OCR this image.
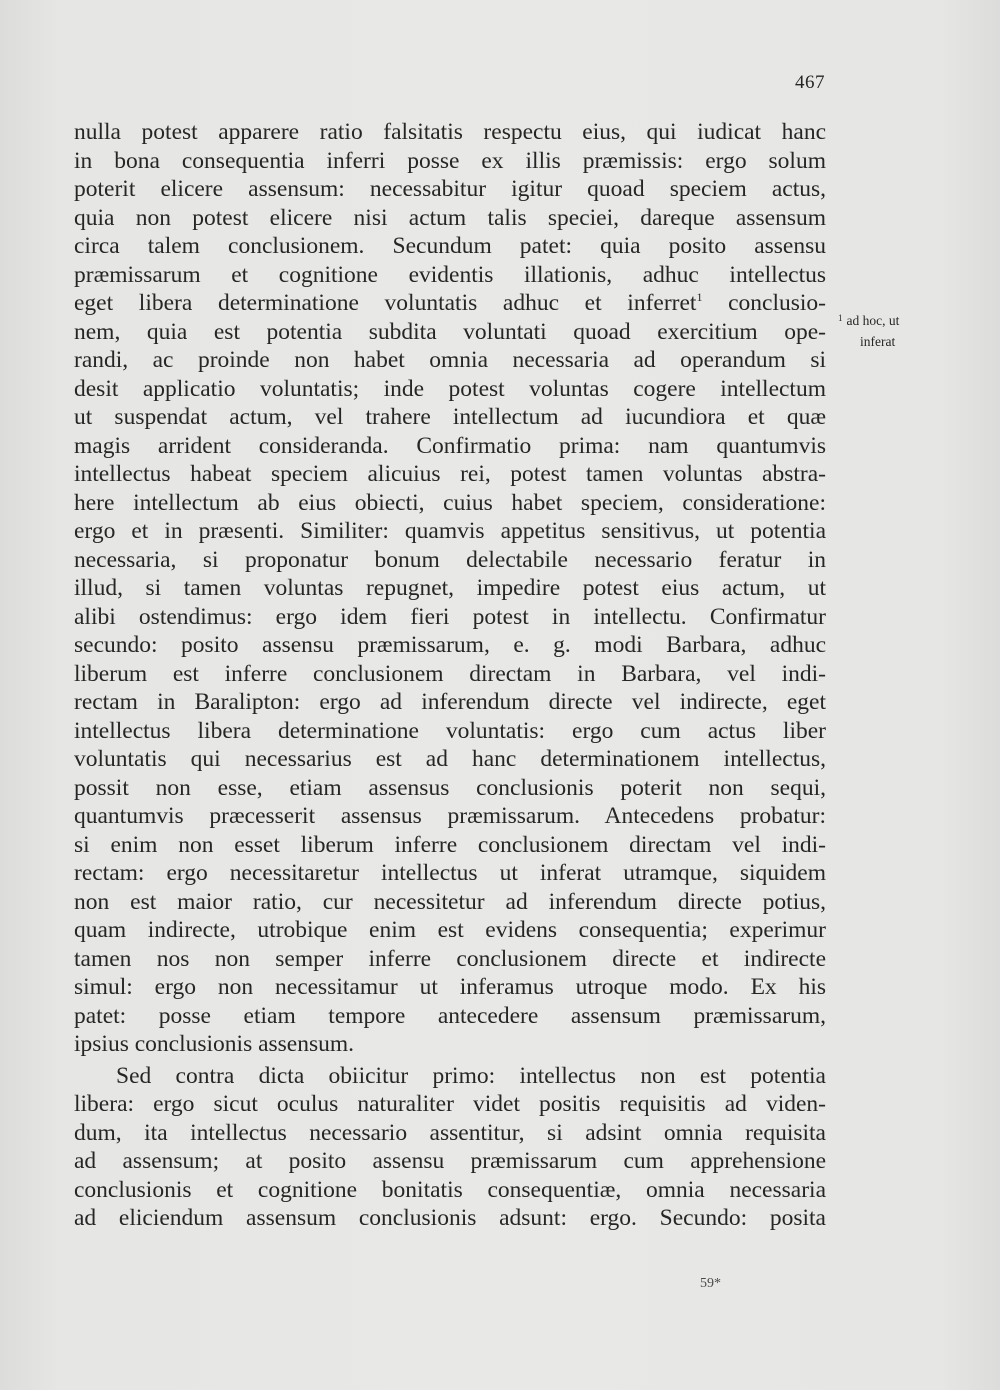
467
nulla potest apparere ratio falsitatis respectu eius, qui iudicat hanc
in bona consequentia inferri posse ex illis præmissis: ergo solum
poterit elicere assensum: necessabitur igitur quoad speciem actus,
quia non potest elicere nisi actum talis speciei, dareque assensum
circa talem conclusionem. Secundum patet: quia posito assensu
præmissarum et cognitione evidentis illationis, adhuc intellectus
eget libera determinatione voluntatis adhuc et inferret$^1$ conclusio-
nem, quia est potentia subdita voluntati quoad exercitium ope-
randi, ac proinde non habet omnia necessaria ad operandum si
desit applicatio voluntatis; inde potest voluntas cogere intellectum
ut suspendat actum, vel trahere intellectum ad iucundiora et quæ
magis arrident consideranda. Confirmatio prima: nam quantumvis
intellectus habeat speciem alicuius rei, potest tamen voluntas abstra-
here intellectum ab eius obiecti, cuius habet speciem, consideratione:
ergo et in præsenti. Similiter: quamvis appetitus sensitivus, ut potentia
necessaria, si proponatur bonum delectabile necessario feratur in
illud, si tamen voluntas repugnet, impedire potest eius actum, ut
alibi ostendimus: ergo idem fieri potest in intellectu. Confirmatur
secundo: posito assensu præmissarum, e. g. modi Barbara, adhuc
liberum est inferre conclusionem directam in Barbara, vel indi-
rectam in Baralipton: ergo ad inferendum directe vel indirecte, eget
intellectus libera determinatione voluntatis: ergo cum actus liber
voluntatis qui necessarius est ad hanc determinationem intellectus,
possit non esse, etiam assensus conclusionis poterit non sequi,
quantumvis præcesserit assensus præmissarum. Antecedens probatur:
si enim non esset liberum inferre conclusionem directam vel indi-
rectam: ergo necessitaretur intellectus ut inferat utramque, siquidem
non est maior ratio, cur necessitetur ad inferendum directe potius,
quam indirecte, utrobique enim est evidens consequentia; experimur
tamen nos non semper inferre conclusionem directe et indirecte
simul: ergo non necessitamur ut inferamus utroque modo. Ex his
patet: posse etiam tempore antecedere assensum præmissarum,
ipsius conclusionis assensum.
Sed contra dicta obiicitur primo: intellectus non est potentia
libera: ergo sicut oculus naturaliter videt positis requisitis ad viden-
dum, ita intellectus necessario assentitur, si adsint omnia requisita
ad assensum; at posito assensu præmissarum cum apprehensione
conclusionis et cognitione bonitatis consequentiæ, omnia necessaria
ad eliciendum assensum conclusionis adsunt: ergo. Secundo: posita
$^1$ ad hoc, ut
inferat
59*
